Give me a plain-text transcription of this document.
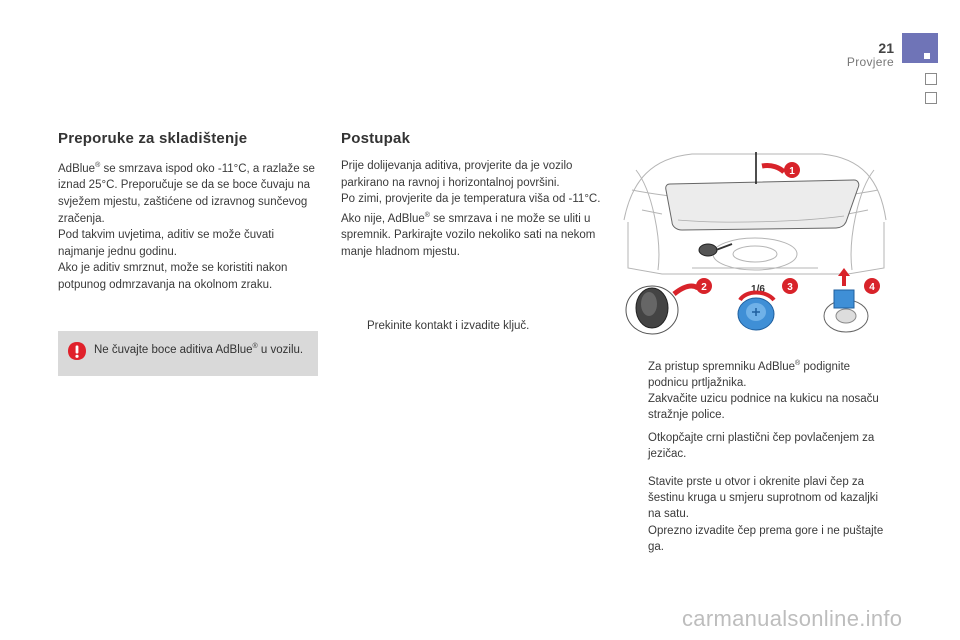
21
Provjere
Preporuke za skladištenje

AdBlue® se smrzava ispod oko -11°C, a razlaže se iznad 25°C. Preporučuje se da se boce čuvaju na svježem mjestu, zaštićene od izravnog sunčevog zračenja.
Pod takvim uvjetima, aditiv se može čuvati najmanje jednu godinu.
Ako je aditiv smrznut, može se koristiti nakon potpunog odmrzavanja na okolnom zraku.

Ne čuvajte boce aditiva AdBlue® u vozilu.
Postupak

Prije dolijevanja aditiva, provjerite da je vozilo parkirano na ravnoj i horizontalnoj površini.
Po zimi, provjerite da je temperatura viša od -11°C. Ako nije, AdBlue® se smrzava i ne može se uliti u spremnik. Parkirajte vozilo nekoliko sati na nekom manje hladnom mjestu.

Prekinite kontakt i izvadite ključ.
Za pristup spremniku AdBlue® podignite podnicu prtljažnika.
Zakvačite uzicu podnice na kukicu na nosaču stražnje police.
Otkopčajte crni plastični čep povlačenjem za jezičac.
Stavite prste u otvor i okrenite plavi čep za šestinu kruga u smjeru suprotnom od kazaljki na satu.
Oprezno izvadite čep prema gore i ne puštajte ga.
1
2	1/6 3	4
carmanualsonline.info
